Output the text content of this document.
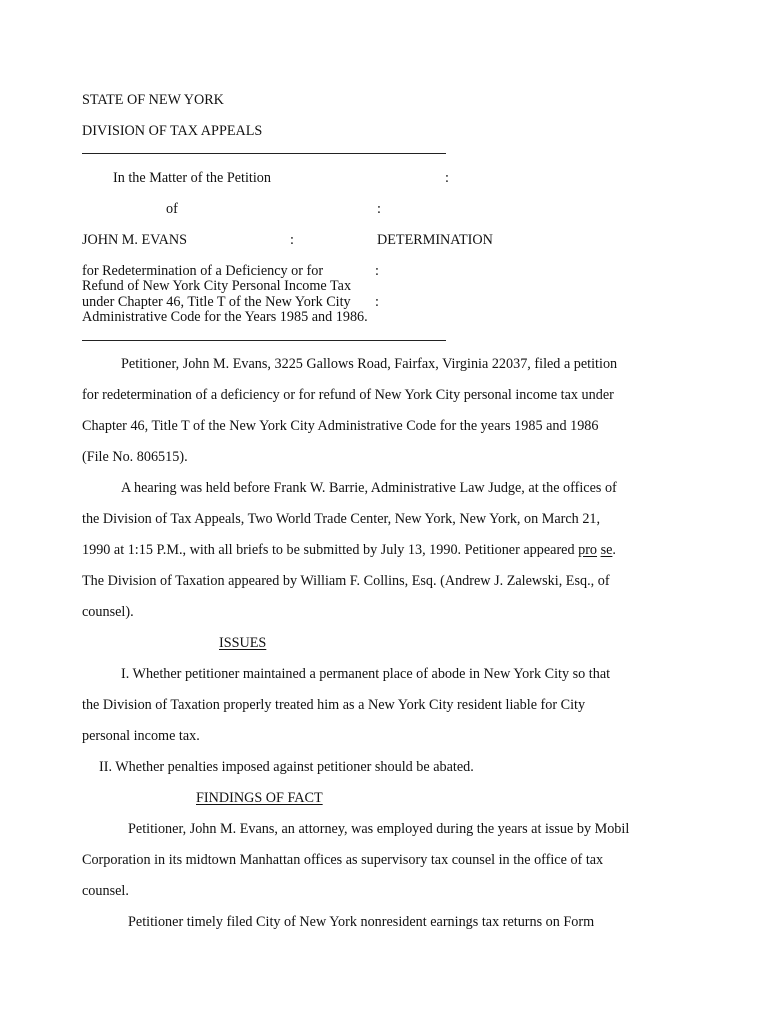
STATE OF NEW YORK
DIVISION OF TAX APPEALS
In the Matter of the Petition	:
of	:
JOHN M. EVANS	:	DETERMINATION
for Redetermination of a Deficiency or for	:
Refund of New York City Personal Income Tax
under Chapter 46, Title T of the New York City :
Administrative Code for the Years 1985 and 1986.
Petitioner, John M. Evans, 3225 Gallows Road, Fairfax, Virginia 22037, filed a petition
for redetermination of a deficiency or for refund of New York City personal income tax under
Chapter 46, Title T of the New York City Administrative Code for the years 1985 and 1986
(File No. 806515).
A hearing was held before Frank W. Barrie, Administrative Law Judge, at the offices of
the Division of Tax Appeals, Two World Trade Center, New York, New York, on March 21,
1990 at 1:15 P.M., with all briefs to be submitted by July 13, 1990. Petitioner appeared pro se.
The Division of Taxation appeared by William F. Collins, Esq. (Andrew J. Zalewski, Esq., of
counsel).
ISSUES
I. Whether petitioner maintained a permanent place of abode in New York City so that
the Division of Taxation properly treated him as a New York City resident liable for City
personal income tax.
II. Whether penalties imposed against petitioner should be abated.
FINDINGS OF FACT
Petitioner, John M. Evans, an attorney, was employed during the years at issue by Mobil
Corporation in its midtown Manhattan offices as supervisory tax counsel in the office of tax
counsel.
Petitioner timely filed City of New York nonresident earnings tax returns on Form
